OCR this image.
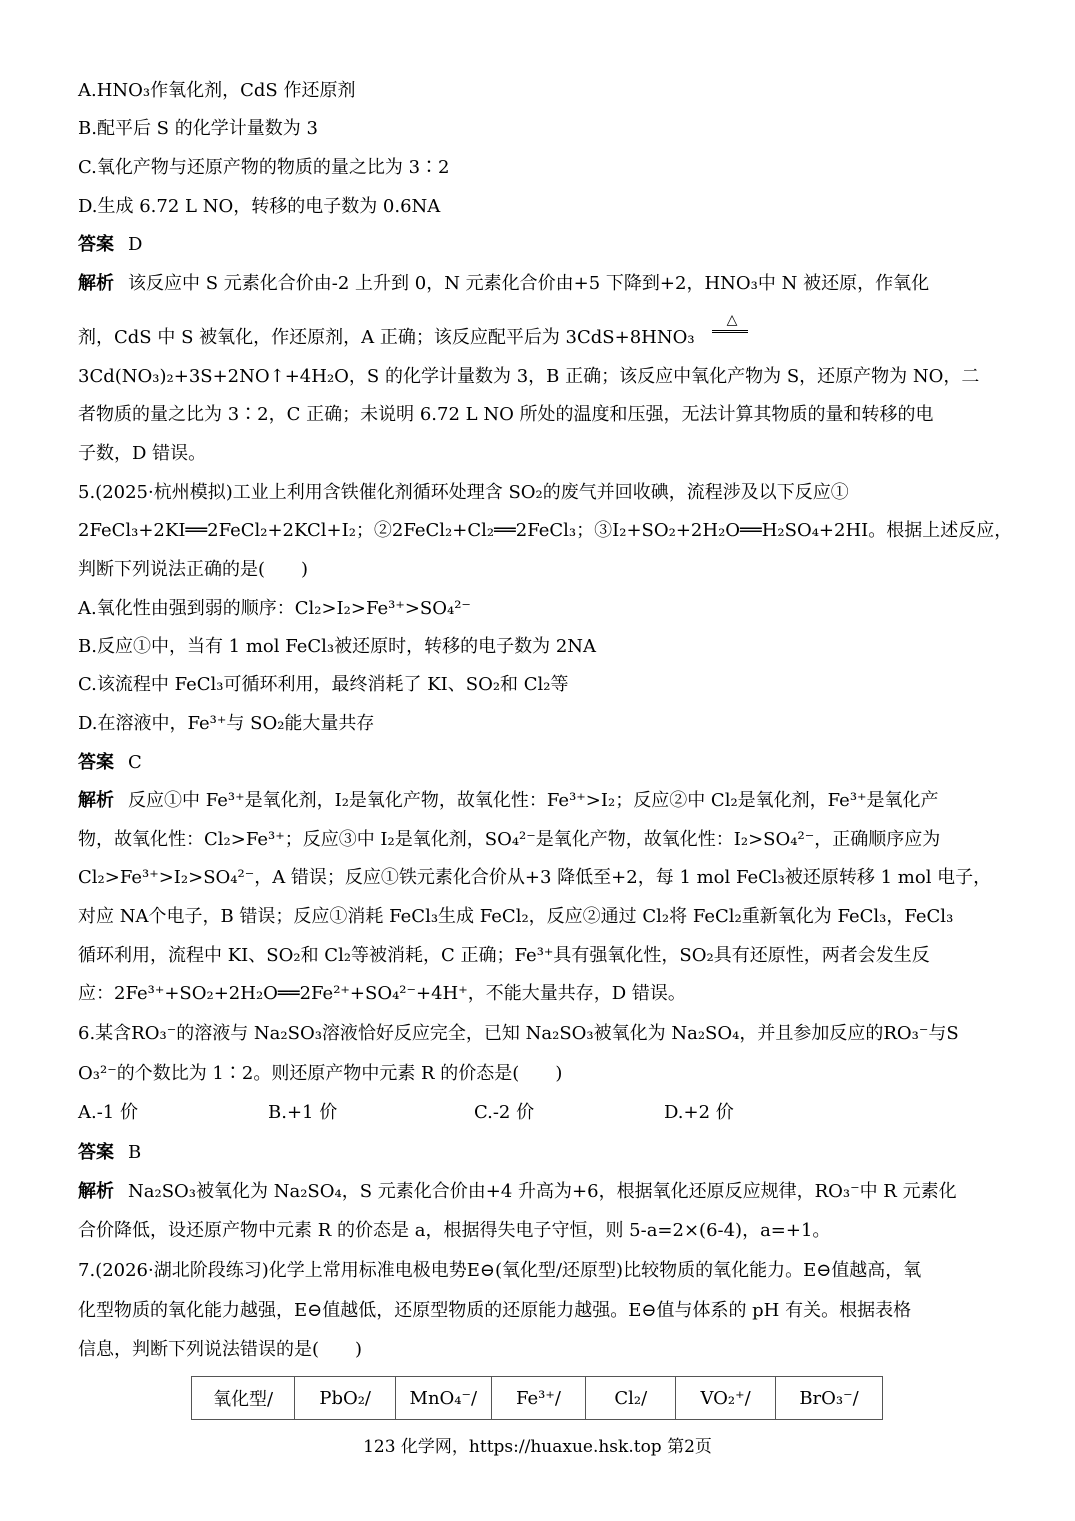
A.HNO₃作氧化剂，CdS 作还原剂
B.配平后 S 的化学计量数为 3
C.氧化产物与还原产物的物质的量之比为 3∶2
D.生成 6.72 L NO，转移的电子数为 0.6NA
答案 D
解析 该反应中 S 元素化合价由-2 上升到 0，N 元素化合价由+5 下降到+2，HNO₃中 N 被还原，作氧化
剂，CdS 中 S 被氧化，作还原剂，A 正确；该反应配平后为 3CdS+8HNO₃
△
3Cd(NO₃)₂+3S+2NO↑+4H₂O，S 的化学计量数为 3，B 正确；该反应中氧化产物为 S，还原产物为 NO，二
者物质的量之比为 3∶2，C 正确；未说明 6.72 L NO 所处的温度和压强，无法计算其物质的量和转移的电
子数，D 错误。
5.(2025·杭州模拟)工业上利用含铁催化剂循环处理含 SO₂的废气并回收碘，流程涉及以下反应①
2FeCl₃+2KI══2FeCl₂+2KCl+I₂；②2FeCl₂+Cl₂══2FeCl₃；③I₂+SO₂+2H₂O══H₂SO₄+2HI。根据上述反应，
判断下列说法正确的是(　　)
A.氧化性由强到弱的顺序：Cl₂>I₂>Fe³⁺>SO₄²⁻
B.反应①中，当有 1 mol FeCl₃被还原时，转移的电子数为 2NA
C.该流程中 FeCl₃可循环利用，最终消耗了 KI、SO₂和 Cl₂等
D.在溶液中，Fe³⁺与 SO₂能大量共存
答案 C
解析 反应①中 Fe³⁺是氧化剂，I₂是氧化产物，故氧化性：Fe³⁺>I₂；反应②中 Cl₂是氧化剂，Fe³⁺是氧化产
物，故氧化性：Cl₂>Fe³⁺；反应③中 I₂是氧化剂，SO₄²⁻是氧化产物，故氧化性：I₂>SO₄²⁻，正确顺序应为
Cl₂>Fe³⁺>I₂>SO₄²⁻，A 错误；反应①铁元素化合价从+3 降低至+2，每 1 mol FeCl₃被还原转移 1 mol 电子，
对应 NA个电子，B 错误；反应①消耗 FeCl₃生成 FeCl₂，反应②通过 Cl₂将 FeCl₂重新氧化为 FeCl₃，FeCl₃
循环利用，流程中 KI、SO₂和 Cl₂等被消耗，C 正确；Fe³⁺具有强氧化性，SO₂具有还原性，两者会发生反
应：2Fe³⁺+SO₂+2H₂O══2Fe²⁺+SO₄²⁻+4H⁺，不能大量共存，D 错误。
6.某含RO₃⁻的溶液与 Na₂SO₃溶液恰好反应完全，已知 Na₂SO₃被氧化为 Na₂SO₄，并且参加反应的RO₃⁻与S
O₃²⁻的个数比为 1∶2。则还原产物中元素 R 的价态是(　　)
A.-1 价	B.+1 价	C.-2 价	D.+2 价
答案 B
解析 Na₂SO₃被氧化为 Na₂SO₄，S 元素化合价由+4 升高为+6，根据氧化还原反应规律，RO₃⁻中 R 元素化
合价降低，设还原产物中元素 R 的价态是 a，根据得失电子守恒，则 5-a=2×(6-4)，a=+1。
7.(2026·湖北阶段练习)化学上常用标准电极电势E⊖(氧化型/还原型)比较物质的氧化能力。E⊖值越高，氧
化型物质的氧化能力越强，E⊖值越低，还原型物质的还原能力越强。E⊖值与体系的 pH 有关。根据表格
信息，判断下列说法错误的是(　　)
氧化型/	PbO₂/	MnO₄⁻/	Fe³⁺/	Cl₂/	VO₂⁺/	BrO₃⁻/
123 化学网，https://huaxue.hsk.top 第2页
